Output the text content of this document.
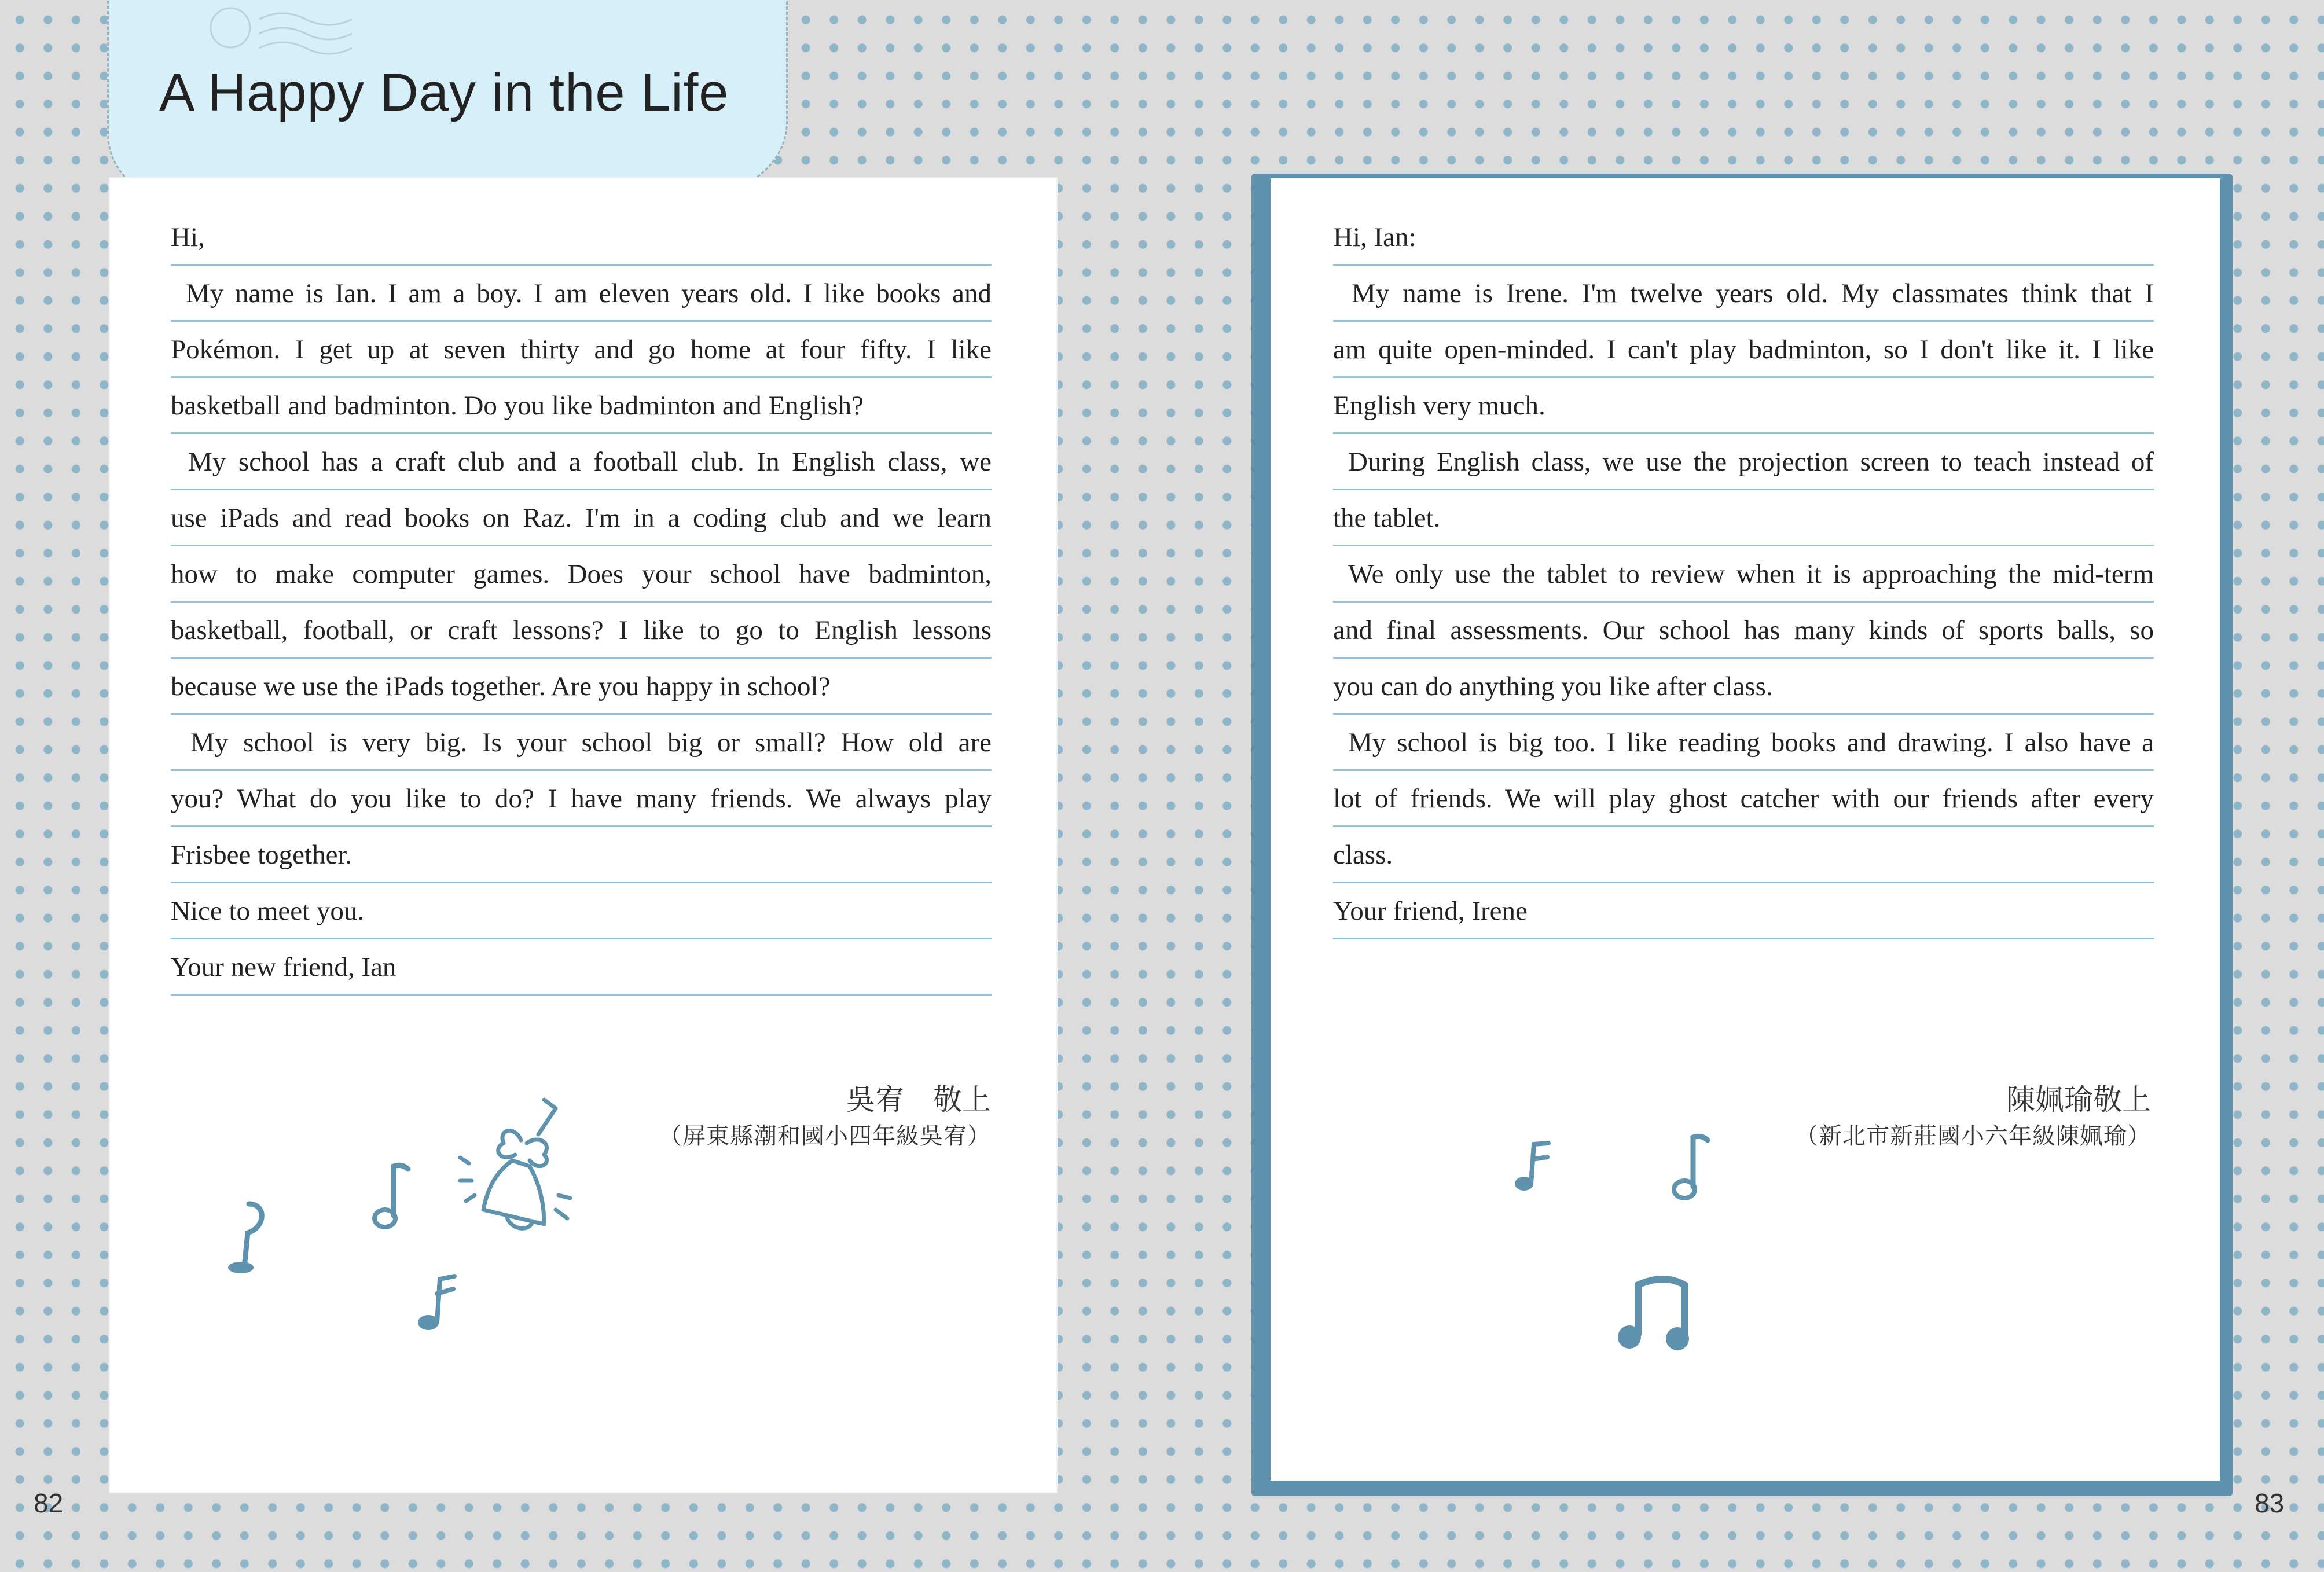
A Happy Day in the Life
Hi,
My name is Ian. I am a boy. I am eleven years old. I like books and
Pokémon. I get up at seven thirty and go home at four fifty. I like
basketball and badminton. Do you like badminton and English?
My school has a craft club and a football club. In English class, we
use iPads and read books on Raz. I'm in a coding club and we learn
how to make computer games. Does your school have badminton,
basketball, football, or craft lessons? I like to go to English lessons
because we use the iPads together. Are you happy in school?
My school is very big. Is your school big or small? How old are
you? What do you like to do? I have many friends. We always play
Frisbee together.
Nice to meet you.
Your new friend, Ian
Hi, Ian:
My name is Irene. I'm twelve years old. My classmates think that I
am quite open-minded. I can't play badminton, so I don't like it. I like
English very much.
During English class, we use the projection screen to teach instead of
the tablet.
We only use the tablet to review when it is approaching the mid-term
and final assessments. Our school has many kinds of sports balls, so
you can do anything you like after class.
My school is big too. I like reading books and drawing. I also have a
lot of friends. We will play ghost catcher with our friends after every
class.
Your friend, Irene
吳宥　敬上
（屏東縣潮和國小四年級吳宥）
陳姵瑜敬上
（新北市新莊國小六年級陳姵瑜）
82	83
